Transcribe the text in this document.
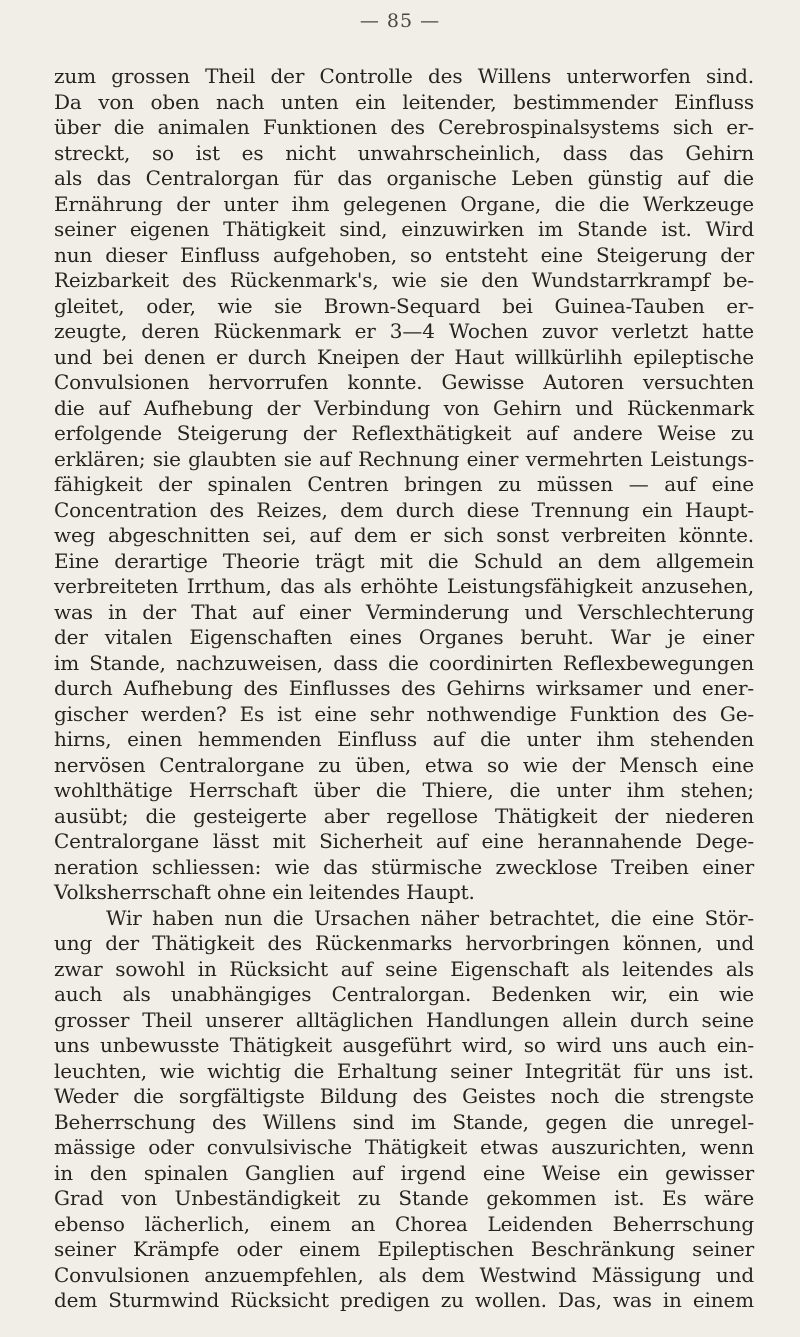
— 85 —
zum grossen Theil der Controlle des Willens unterworfen sind.
Da von oben nach unten ein leitender, bestimmender Einfluss
über die animalen Funktionen des Cerebrospinalsystems sich er-
streckt, so ist es nicht unwahrscheinlich, dass das Gehirn
als das Centralorgan für das organische Leben günstig auf die
Ernährung der unter ihm gelegenen Organe, die die Werkzeuge
seiner eigenen Thätigkeit sind, einzuwirken im Stande ist. Wird
nun dieser Einfluss aufgehoben, so entsteht eine Steigerung der
Reizbarkeit des Rückenmark's, wie sie den Wundstarrkrampf be-
gleitet, oder, wie sie Brown-Sequard bei Guinea-Tauben er-
zeugte, deren Rückenmark er 3—4 Wochen zuvor verletzt hatte
und bei denen er durch Kneipen der Haut willkürlihh epileptische
Convulsionen hervorrufen konnte. Gewisse Autoren versuchten
die auf Aufhebung der Verbindung von Gehirn und Rückenmark
erfolgende Steigerung der Reflexthätigkeit auf andere Weise zu
erklären; sie glaubten sie auf Rechnung einer vermehrten Leistungs-
fähigkeit der spinalen Centren bringen zu müssen — auf eine
Concentration des Reizes, dem durch diese Trennung ein Haupt-
weg abgeschnitten sei, auf dem er sich sonst verbreiten könnte.
Eine derartige Theorie trägt mit die Schuld an dem allgemein
verbreiteten Irrthum, das als erhöhte Leistungsfähigkeit anzusehen,
was in der That auf einer Verminderung und Verschlechterung
der vitalen Eigenschaften eines Organes beruht. War je einer
im Stande, nachzuweisen, dass die coordinirten Reflexbewegungen
durch Aufhebung des Einflusses des Gehirns wirksamer und ener-
gischer werden? Es ist eine sehr nothwendige Funktion des Ge-
hirns, einen hemmenden Einfluss auf die unter ihm stehenden
nervösen Centralorgane zu üben, etwa so wie der Mensch eine
wohlthätige Herrschaft über die Thiere, die unter ihm stehen;
ausübt; die gesteigerte aber regellose Thätigkeit der niederen
Centralorgane lässt mit Sicherheit auf eine herannahende Dege-
neration schliessen: wie das stürmische zwecklose Treiben einer
Volksherrschaft ohne ein leitendes Haupt.
Wir haben nun die Ursachen näher betrachtet, die eine Stör-
ung der Thätigkeit des Rückenmarks hervorbringen können, und
zwar sowohl in Rücksicht auf seine Eigenschaft als leitendes als
auch als unabhängiges Centralorgan. Bedenken wir, ein wie
grosser Theil unserer alltäglichen Handlungen allein durch seine
uns unbewusste Thätigkeit ausgeführt wird, so wird uns auch ein-
leuchten, wie wichtig die Erhaltung seiner Integrität für uns ist.
Weder die sorgfältigste Bildung des Geistes noch die strengste
Beherrschung des Willens sind im Stande, gegen die unregel-
mässige oder convulsivische Thätigkeit etwas auszurichten, wenn
in den spinalen Ganglien auf irgend eine Weise ein gewisser
Grad von Unbeständigkeit zu Stande gekommen ist. Es wäre
ebenso lächerlich, einem an Chorea Leidenden Beherrschung
seiner Krämpfe oder einem Epileptischen Beschränkung seiner
Convulsionen anzuempfehlen, als dem Westwind Mässigung und
dem Sturmwind Rücksicht predigen zu wollen. Das, was in einem
